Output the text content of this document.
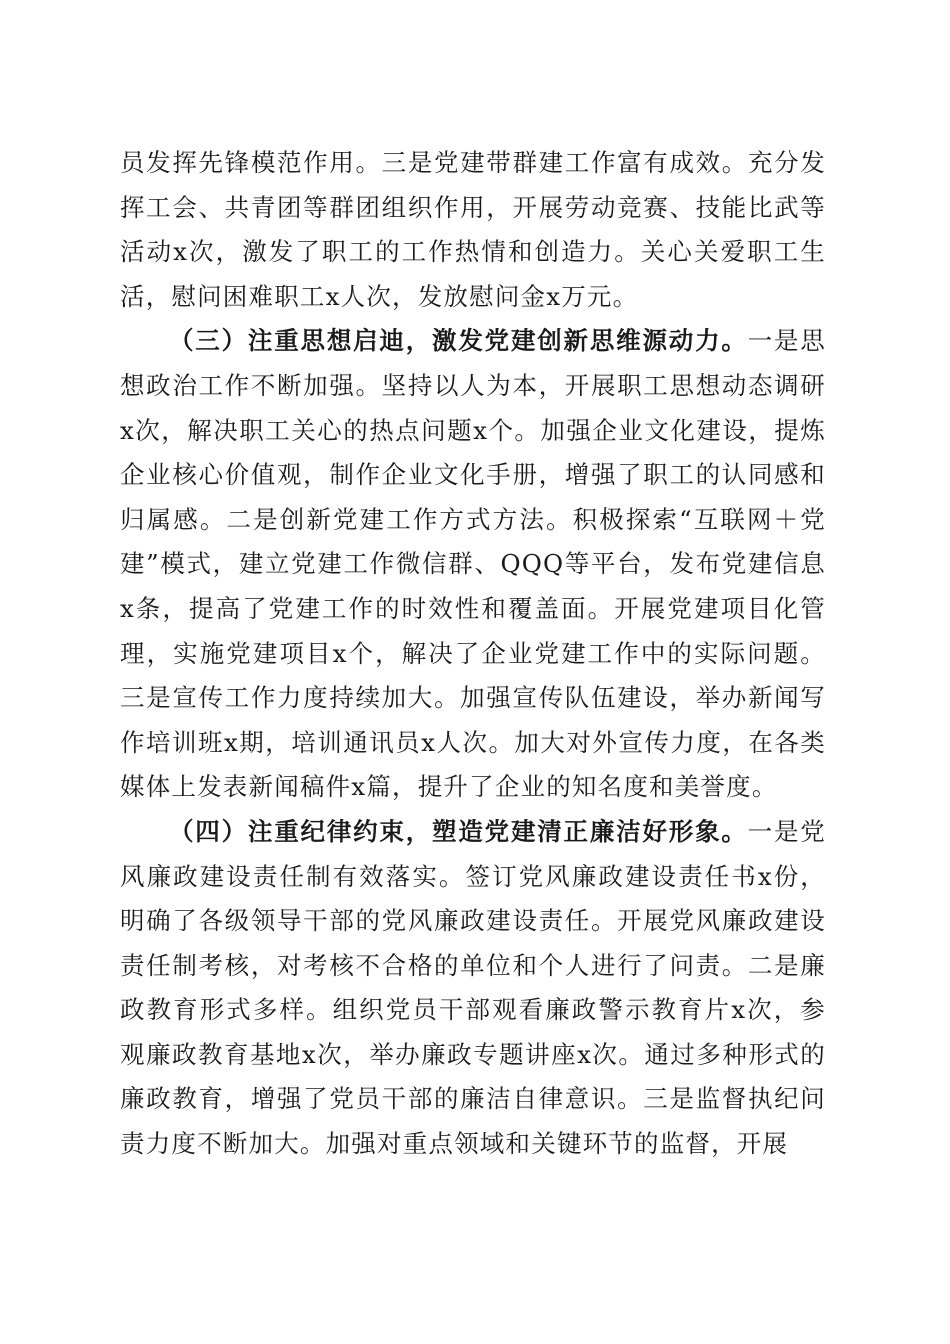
员发挥先锋模范作用。三是党建带群建工作富有成效。充分发挥工会、共青团等群团组织作用，开展劳动竞赛、技能比武等活动x次，激发了职工的工作热情和创造力。关心关爱职工生活，慰问困难职工x人次，发放慰问金x万元。

（三）注重思想启迪，激发党建创新思维源动力。一是思想政治工作不断加强。坚持以人为本，开展职工思想动态调研x次，解决职工关心的热点问题x个。加强企业文化建设，提炼企业核心价值观，制作企业文化手册，增强了职工的认同感和归属感。二是创新党建工作方式方法。积极探索“互联网＋党建”模式，建立党建工作微信群、QQQ等平台，发布党建信息x条，提高了党建工作的时效性和覆盖面。开展党建项目化管理，实施党建项目x个，解决了企业党建工作中的实际问题。三是宣传工作力度持续加大。加强宣传队伍建设，举办新闻写作培训班x期，培训通讯员x人次。加大对外宣传力度，在各类媒体上发表新闻稿件x篇，提升了企业的知名度和美誉度。

（四）注重纪律约束，塑造党建清正廉洁好形象。一是党风廉政建设责任制有效落实。签订党风廉政建设责任书x份，明确了各级领导干部的党风廉政建设责任。开展党风廉政建设责任制考核，对考核不合格的单位和个人进行了问责。二是廉政教育形式多样。组织党员干部观看廉政警示教育片x次，参观廉政教育基地x次，举办廉政专题讲座x次。通过多种形式的廉政教育，增强了党员干部的廉洁自律意识。三是监督执纪问责力度不断加大。加强对重点领域和关键环节的监督，开展
